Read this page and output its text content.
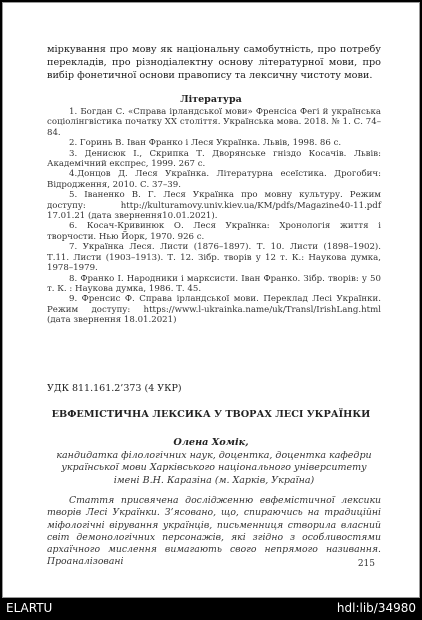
міркування про мову як національну самобутність, про потребу перекладів, про різнодіалектну основу літературної мови, про вибір фонетичної основи правопису та лексичну чистоту мови.
Література

1. Богдан С. «Справа ірландської мови» Френсіса Фегі й українська соціолінгвістика початку ХХ століття. Українська мова. 2018. № 1. С. 74–84.

2. Горинь В. Іван Франко і Леся Українка. Львів, 1998. 86 с.

3. Денисюк І., Скрипка Т. Дворянське гніздо Косачів. Львів: Академічний експрес, 1999. 267 с.

4.Донцов Д. Леся Українка. Літературна есеїстика. Дрогобич: Відродження, 2010. С. 37–39.

5. Іваненко В. Г. Леся Українка про мовну культуру. Режим доступу: http://kulturamovy.univ.kiev.ua/KM/pdfs/Magazine40-11.pdf 17.01.21 (дата звернення10.01.2021).

6. Косач-Кривинюк О. Леся Українка: Хронологія життя і творчости. Нью Йорк, 1970. 926 с.

7. Українка Леся. Листи (1876–1897). Т. 10. Листи (1898–1902). Т.11. Листи (1903–1913). Т. 12. Зібр. творів у 12 т. К.: Наукова думка, 1978–1979.

8. Франко І. Народники і марксисти. Іван Франко. Зібр. творів: у 50 т. К. : Наукова думка, 1986. Т. 45.

9. Френсис Ф. Справа ірландської мови. Переклад Лесі Українки. Режим доступу: https://www.l-ukrainka.name/uk/Transl/IrishLang.html (дата звернення 18.01.2021)

УДК 811.161.2’373 (4 УКР)
ЕВФЕМІСТИЧНА ЛЕКСИКА У ТВОРАХ ЛЕСІ УКРАЇНКИ
Олена Хомік,
кандидатка філологічних наук, доцентка, доцентка кафедри української мови Харківського національного університету імені В.Н. Каразіна (м. Харків, Україна)

Стаття присвячена дослідженню евфемістичної лексики творів Лесі Українки. З’ясовано, що, спираючись на традиційні міфологічні вірування українців, письменниця створила власний світ демонологічних персонажів, які згідно з особливостями архаїчного мислення вимагають свого непрямого називання. Проаналізовані	215
ELARTU	hdl:lib/34980
